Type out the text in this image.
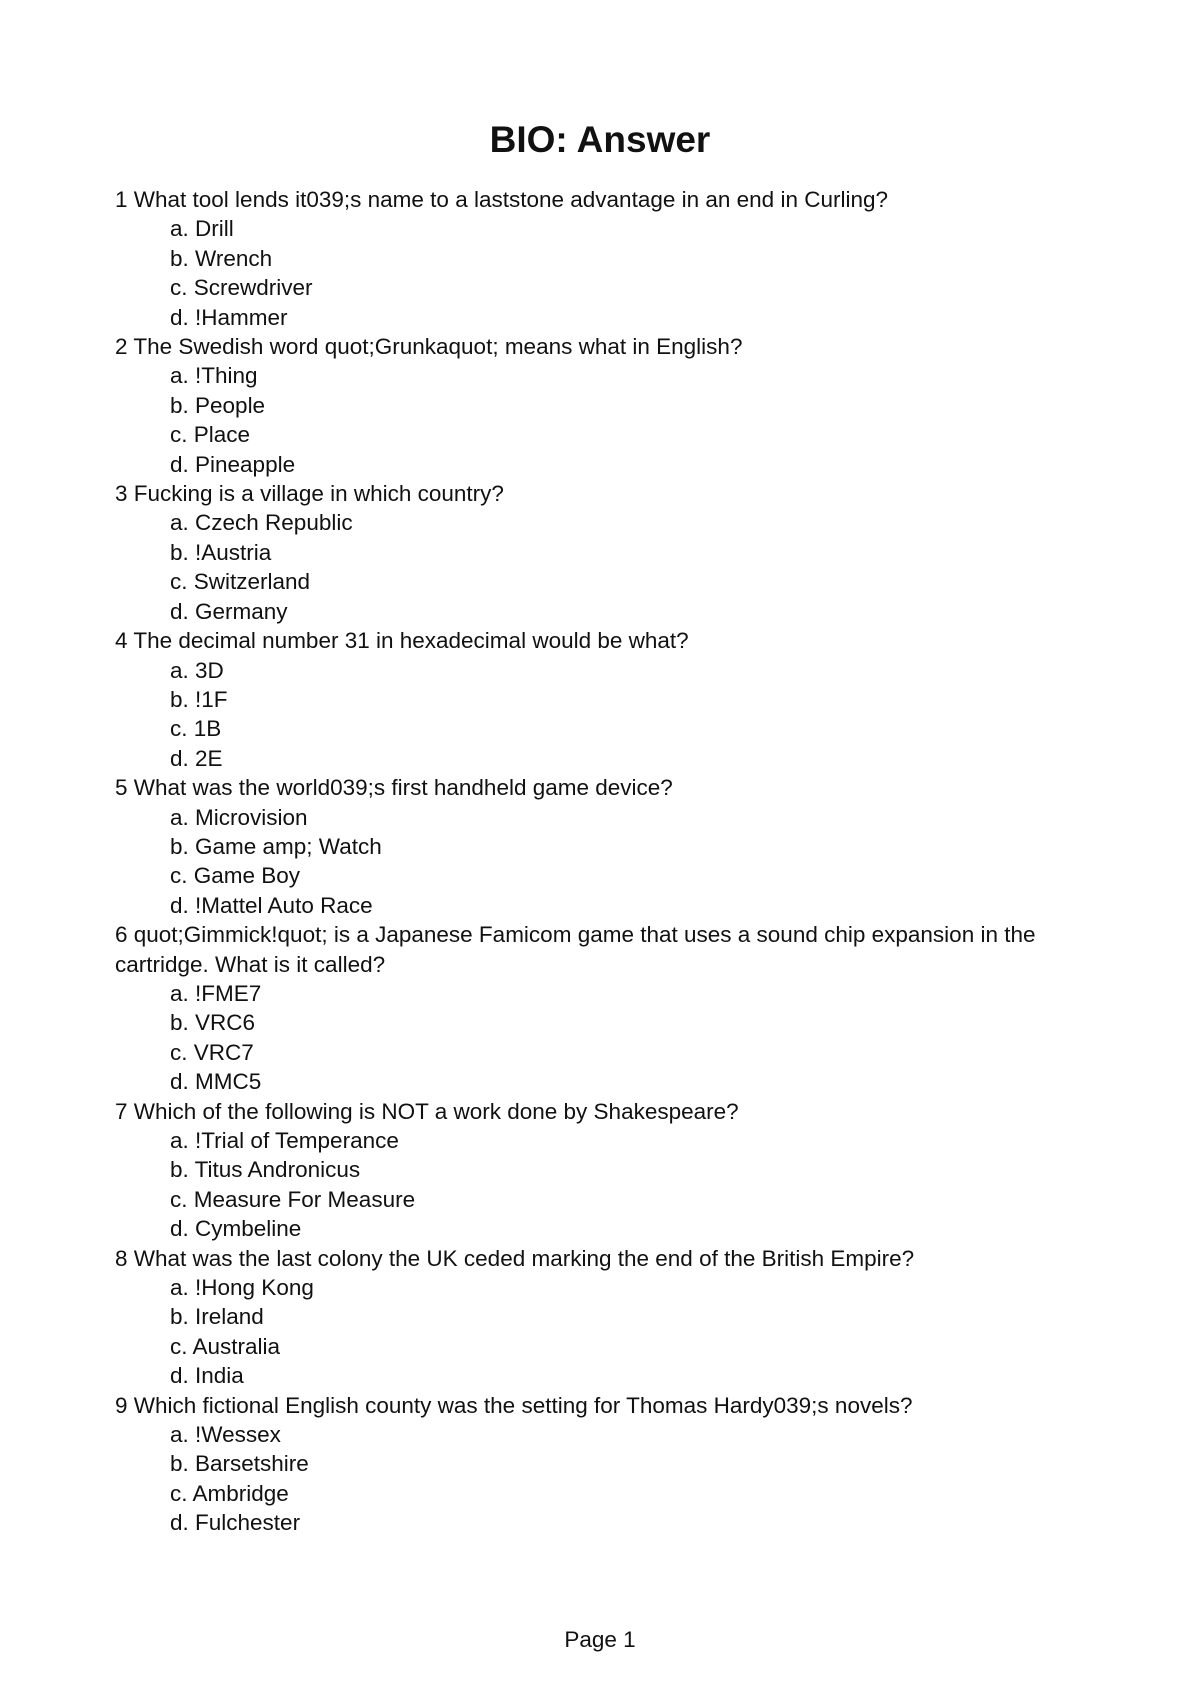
BIO: Answer

1 What tool lends it039;s name to a laststone advantage in an end in Curling?

a. Drill
b. Wrench
c. Screwdriver
d. !Hammer

2 The Swedish word quot;Grunkaquot; means what in English?

a. !Thing
b. People
c. Place
d. Pineapple

3 Fucking is a village in which country?

a. Czech Republic
b. !Austria
c. Switzerland
d. Germany

4 The decimal number 31 in hexadecimal would be what?

a. 3D
b. !1F
c. 1B
d. 2E

5 What was the world039;s first handheld game device?

a. Microvision
b. Game amp; Watch
c. Game Boy
d. !Mattel Auto Race

6 quot;Gimmick!quot; is a Japanese Famicom game that uses a sound chip expansion in the cartridge. What is it called?

a. !FME7
b. VRC6
c. VRC7
d. MMC5

7 Which of the following is NOT a work done by Shakespeare?

a. !Trial of Temperance
b. Titus Andronicus
c. Measure For Measure
d. Cymbeline

8 What was the last colony the UK ceded marking the end of the British Empire?

a. !Hong Kong
b. Ireland
c. Australia
d. India

9 Which fictional English county was the setting for Thomas Hardy039;s novels?

a. !Wessex
b. Barsetshire
c. Ambridge
d. Fulchester
Page 1
